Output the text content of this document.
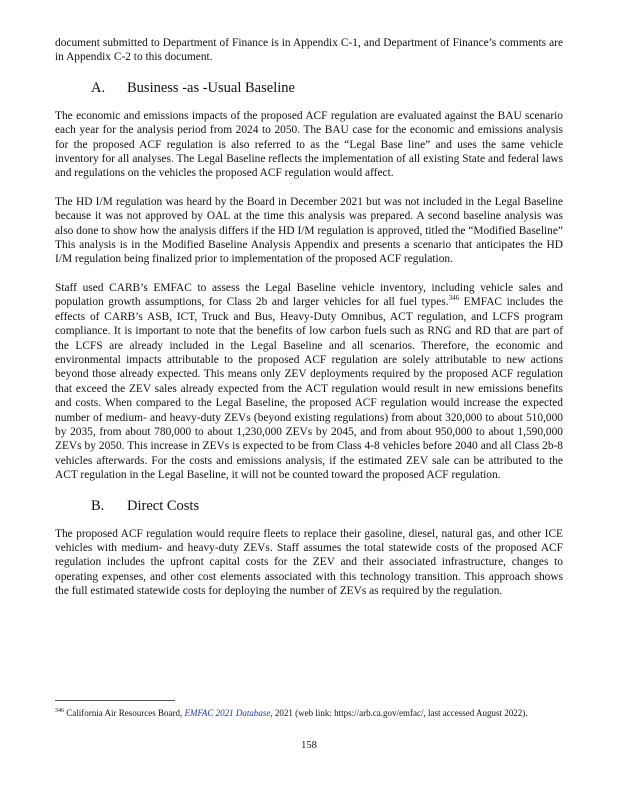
document submitted to Department of Finance is in Appendix C-1, and Department of Finance’s comments are in Appendix C-2 to this document.

A. Business -as -Usual Baseline

The economic and emissions impacts of the proposed ACF regulation are evaluated against the BAU scenario each year for the analysis period from 2024 to 2050. The BAU case for the economic and emissions analysis for the proposed ACF regulation is also referred to as the “Legal Base line” and uses the same vehicle inventory for all analyses. The Legal Baseline reflects the implementation of all existing State and federal laws and regulations on the vehicles the proposed ACF regulation would affect.

The HD I/M regulation was heard by the Board in December 2021 but was not included in the Legal Baseline because it was not approved by OAL at the time this analysis was prepared. A second baseline analysis was also done to show how the analysis differs if the HD I/M regulation is approved, titled the “Modified Baseline” This analysis is in the Modified Baseline Analysis Appendix and presents a scenario that anticipates the HD I/M regulation being finalized prior to implementation of the proposed ACF regulation.

Staff used CARB’s EMFAC to assess the Legal Baseline vehicle inventory, including vehicle sales and population growth assumptions, for Class 2b and larger vehicles for all fuel types.$^{346}$ EMFAC includes the effects of CARB’s ASB, ICT, Truck and Bus, Heavy-Duty Omnibus, ACT regulation, and LCFS program compliance. It is important to note that the benefits of low carbon fuels such as RNG and RD that are part of the LCFS are already included in the Legal Baseline and all scenarios. Therefore, the economic and environmental impacts attributable to the proposed ACF regulation are solely attributable to new actions beyond those already expected. This means only ZEV deployments required by the proposed ACF regulation that exceed the ZEV sales already expected from the ACT regulation would result in new emissions benefits and costs. When compared to the Legal Baseline, the proposed ACF regulation would increase the expected number of medium- and heavy-duty ZEVs (beyond existing regulations) from about 320,000 to about 510,000 by 2035, from about 780,000 to about 1,230,000 ZEVs by 2045, and from about 950,000 to about 1,590,000 ZEVs by 2050. This increase in ZEVs is expected to be from Class 4-8 vehicles before 2040 and all Class 2b-8 vehicles afterwards. For the costs and emissions analysis, if the estimated ZEV sale can be attributed to the ACT regulation in the Legal Baseline, it will not be counted toward the proposed ACF regulation.

B. Direct Costs

The proposed ACF regulation would require fleets to replace their gasoline, diesel, natural gas, and other ICE vehicles with medium- and heavy-duty ZEVs. Staff assumes the total statewide costs of the proposed ACF regulation includes the upfront capital costs for the ZEV and their associated infrastructure, changes to operating expenses, and other cost elements associated with this technology transition. This approach shows the full estimated statewide costs for deploying the number of ZEVs as required by the regulation.

$^{346}$ California Air Resources Board, EMFAC 2021 Database, 2021 (web link: https://arb.ca.gov/emfac/, last accessed August 2022).
158
